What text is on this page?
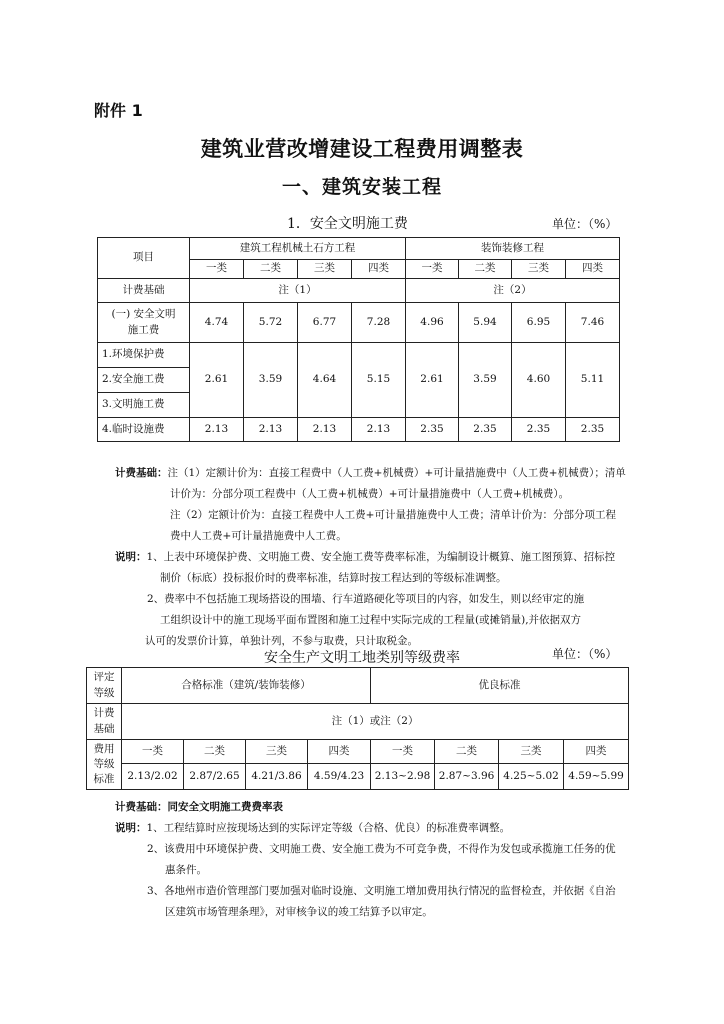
附件 1
建筑业营改增建设工程费用调整表
一、建筑安装工程
1．安全文明施工费	单位：（%）
项目	建筑工程机械土石方工程				装饰装修工程			
	一类	二类	三类	四类	一类	二类	三类	四类
计费基础	注（1）				注（2）			
(一) 安全文明
施工费	4.74	5.72	6.77	7.28	4.96	5.94	6.95	7.46
1.环境保护费	2.61	3.59	4.64	5.15	2.61	3.59	4.60	5.11
2.安全施工费								
3.文明施工费								
4.临时设施费	2.13	2.13	2.13	2.13	2.35	2.35	2.35	2.35
计费基础：注（1）定额计价为：直接工程费中（人工费+机械费）+可计量措施费中（人工费+机械费）；清单
计价为：分部分项工程费中（人工费+机械费）+可计量措施费中（人工费+机械费）。
注（2）定额计价为：直接工程费中人工费+可计量措施费中人工费；清单计价为：分部分项工程
费中人工费+可计量措施费中人工费。
说明：1、上表中环境保护费、文明施工费、安全施工费等费率标准，为编制设计概算、施工图预算、招标控
制价（标底）投标报价时的费率标准，结算时按工程达到的等级标准调整。
2、费率中不包括施工现场搭设的围墙、行车道路硬化等项目的内容，如发生，则以经审定的施
工组织设计中的施工现场平面布置图和施工过程中实际完成的工程量(或摊销量),并依据双方
认可的发票价计算，单独计列，不参与取费，只计取税金。
安全生产文明工地类别等级费率	单位：（%）
评定
等级	合格标准（建筑/装饰装修）				优良标准			
计费
基础	注（1）或注（2）							
费用
等级
标准	一类	二类	三类	四类	一类	二类	三类	四类
	2.13/2.02	2.87/2.65	4.21/3.86	4.59/4.23	2.13~2.98	2.87~3.96	4.25~5.02	4.59~5.99
计费基础：同安全文明施工费费率表
说明：1、工程结算时应按现场达到的实际评定等级（合格、优良）的标准费率调整。
2、该费用中环境保护费、文明施工费、安全施工费为不可竞争费，不得作为发包或承揽施工任务的优
惠条件。
3、各地州市造价管理部门要加强对临时设施、文明施工增加费用执行情况的监督检查，并依据《自治
区建筑市场管理条理》，对审核争议的竣工结算予以审定。
